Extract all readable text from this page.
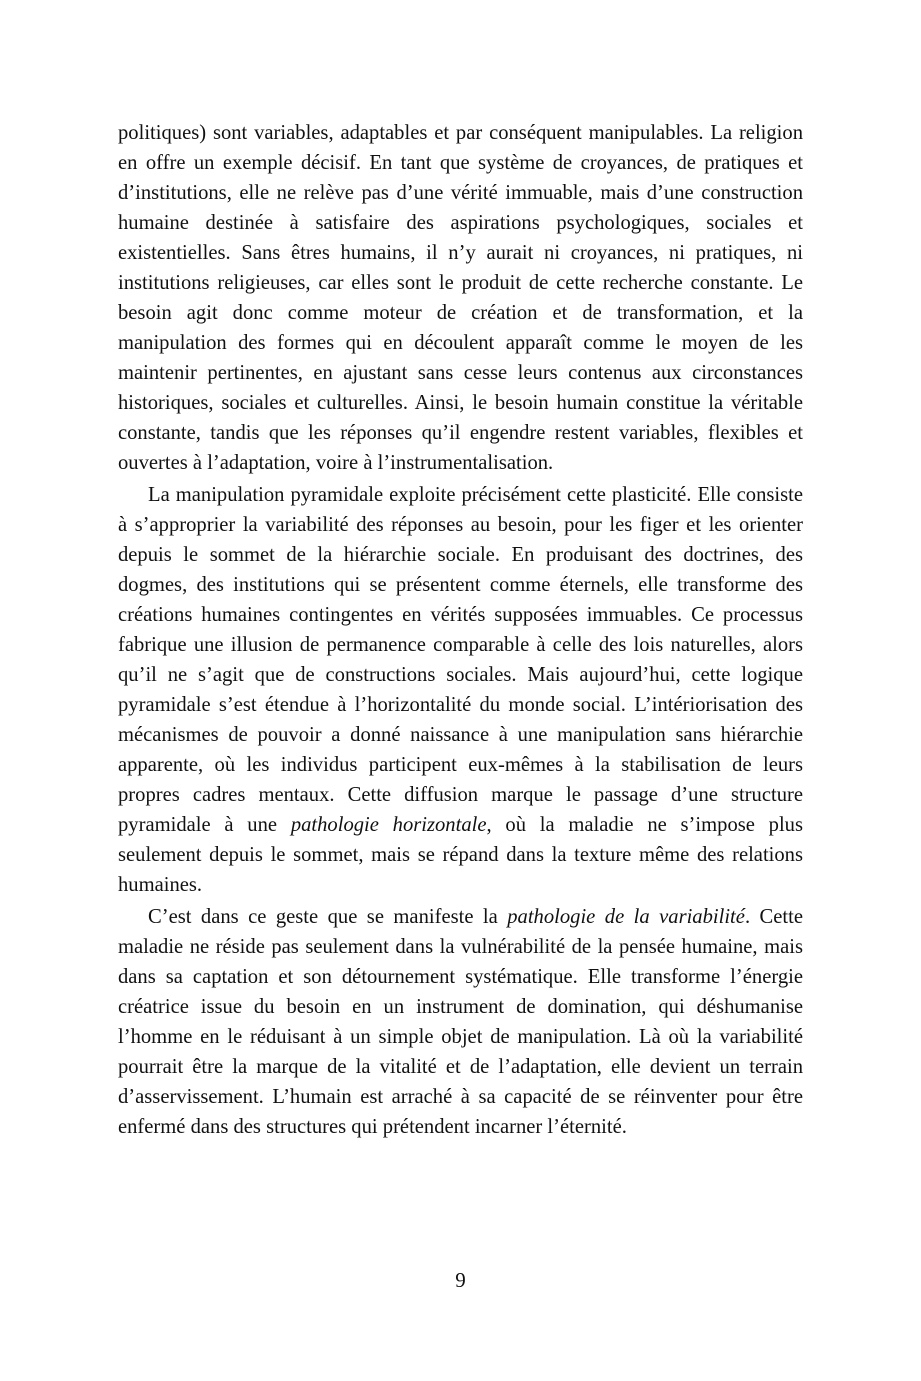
politiques) sont variables, adaptables et par conséquent manipulables. La religion en offre un exemple décisif. En tant que système de croyances, de pratiques et d’institutions, elle ne relève pas d’une vérité immuable, mais d’une construction humaine destinée à satisfaire des aspirations psychologiques, sociales et existentielles. Sans êtres humains, il n’y aurait ni croyances, ni pratiques, ni institutions religieuses, car elles sont le produit de cette recherche constante. Le besoin agit donc comme moteur de création et de transformation, et la manipulation des formes qui en découlent apparaît comme le moyen de les maintenir pertinentes, en ajustant sans cesse leurs contenus aux circonstances historiques, sociales et culturelles. Ainsi, le besoin humain constitue la véritable constante, tandis que les réponses qu’il engendre restent variables, flexibles et ouvertes à l’adaptation, voire à l’instrumentalisation.

La manipulation pyramidale exploite précisément cette plasticité. Elle consiste à s’approprier la variabilité des réponses au besoin, pour les figer et les orienter depuis le sommet de la hiérarchie sociale. En produisant des doctrines, des dogmes, des institutions qui se présentent comme éternels, elle transforme des créations humaines contingentes en vérités supposées immuables. Ce processus fabrique une illusion de permanence comparable à celle des lois naturelles, alors qu’il ne s’agit que de constructions sociales. Mais aujourd’hui, cette logique pyramidale s’est étendue à l’horizontalité du monde social. L’intériorisation des mécanismes de pouvoir a donné naissance à une manipulation sans hiérarchie apparente, où les individus participent eux-mêmes à la stabilisation de leurs propres cadres mentaux. Cette diffusion marque le passage d’une structure pyramidale à une pathologie horizontale, où la maladie ne s’impose plus seulement depuis le sommet, mais se répand dans la texture même des relations humaines.

C’est dans ce geste que se manifeste la pathologie de la variabilité. Cette maladie ne réside pas seulement dans la vulnérabilité de la pensée humaine, mais dans sa captation et son détournement systématique. Elle transforme l’énergie créatrice issue du besoin en un instrument de domination, qui déshumanise l’homme en le réduisant à un simple objet de manipulation. Là où la variabilité pourrait être la marque de la vitalité et de l’adaptation, elle devient un terrain d’asservissement. L’humain est arraché à sa capacité de se réinventer pour être enfermé dans des structures qui prétendent incarner l’éternité.

9
